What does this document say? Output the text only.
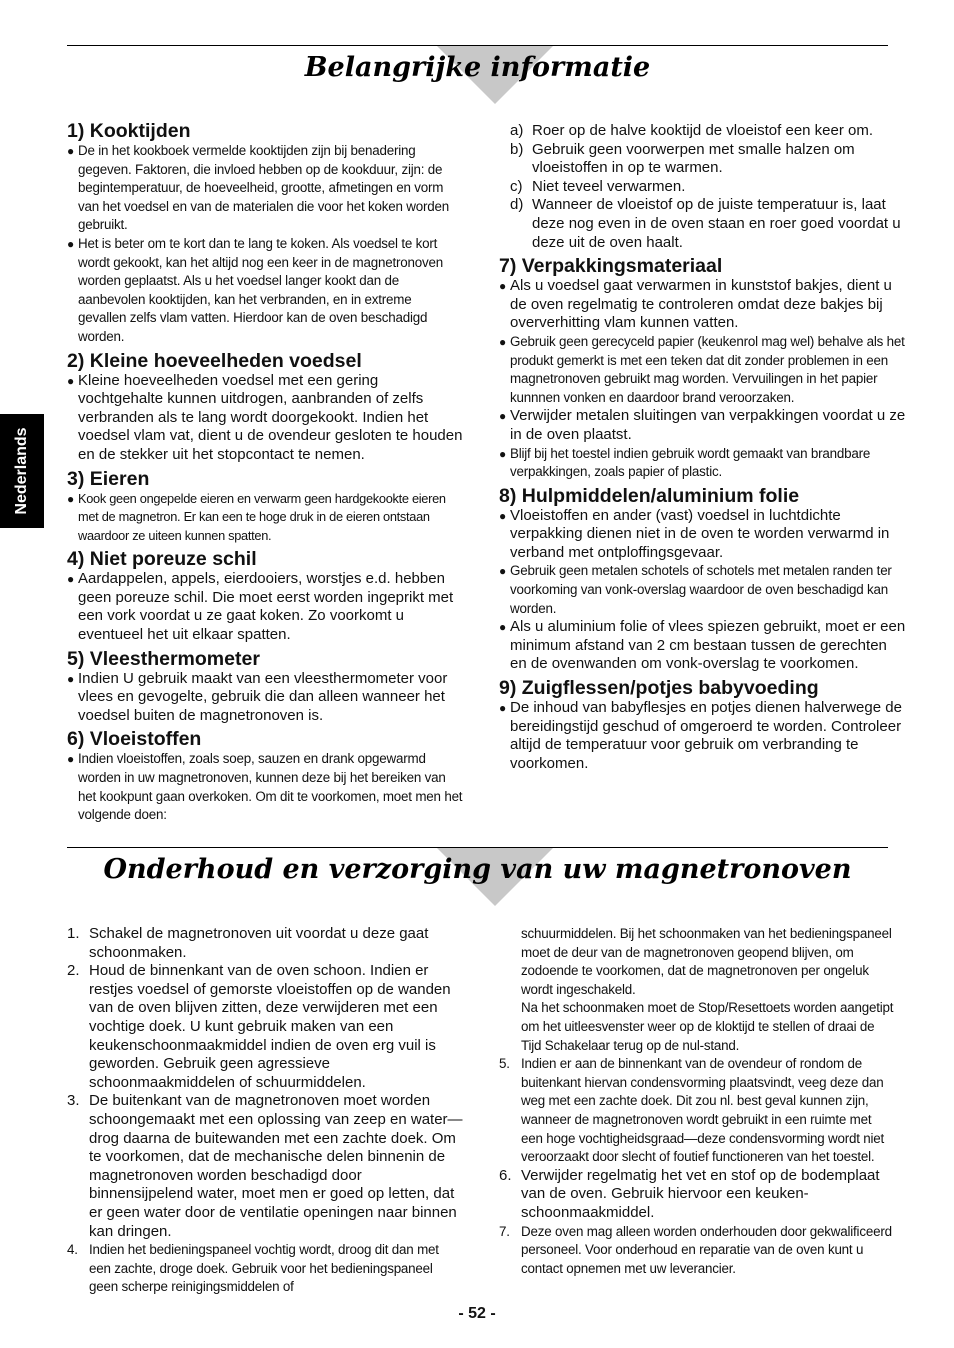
Belangrijke informatie
Nederlands

1) Kooktijden

● De in het kookboek vermelde kooktijden zijn bij benadering gegeven. Faktoren, die invloed hebben op de kookduur, zijn: de begintemperatuur, de hoeveelheid, grootte, afmetingen en vorm van het voedsel en van de materialen die voor het koken worden gebruikt.

● Het is beter om te kort dan te lang te koken. Als voedsel te kort wordt gekookt, kan het altijd nog een keer in de magnetronoven worden geplaatst. Als u het voedsel langer kookt dan de aanbevolen kooktijden, kan het verbranden, en in extreme gevallen zelfs vlam vatten. Hierdoor kan de oven beschadigd worden.

2) Kleine hoeveelheden voedsel

● Kleine hoeveelheden voedsel met een gering vochtgehalte kunnen uitdrogen, aanbranden of zelfs verbranden als te lang wordt doorgekookt. Indien het voedsel vlam vat, dient u de ovendeur gesloten te houden en de stekker uit het stopcontact te nemen.

3) Eieren

● Kook geen ongepelde eieren en verwarm geen hardgekookte eieren met de magnetron. Er kan een te hoge druk in de eieren ontstaan waardoor ze uiteen kunnen spatten.

4) Niet poreuze schil

● Aardappelen, appels, eierdooiers, worstjes e.d. hebben geen poreuze schil. Die moet eerst worden ingeprikt met een vork voordat u ze gaat koken. Zo voorkomt u eventueel het uit elkaar spatten.

5) Vleesthermometer

● Indien U gebruik maakt van een vleesthermometer voor vlees en gevogelte, gebruik die dan alleen wanneer het voedsel buiten de magnetronoven is.

6) Vloeistoffen

● Indien vloeistoffen, zoals soep, sauzen en drank opgewarmd worden in uw magnetronoven, kunnen deze bij het bereiken van het kookpunt gaan overkoken. Om dit te voorkomen, moet men het volgende doen:

a) Roer op de halve kooktijd de vloeistof een keer om.

b) Gebruik geen voorwerpen met smalle halzen om vloeistoffen in op te warmen.

c) Niet teveel verwarmen.

d) Wanneer de vloeistof op de juiste temperatuur is, laat deze nog even in de oven staan en roer goed voordat u deze uit de oven haalt.

7) Verpakkingsmateriaal

● Als u voedsel gaat verwarmen in kunststof bakjes, dient u de oven regelmatig te controleren omdat deze bakjes bij oververhitting vlam kunnen vatten.

● Gebruik geen gerecyceld papier (keukenrol mag wel) behalve als het produkt gemerkt is met een teken dat dit zonder problemen in een magnetronoven gebruikt mag worden. Vervuilingen in het papier kunnnen vonken en daardoor brand veroorzaken.

● Verwijder metalen sluitingen van verpakkingen voordat u ze in de oven plaatst.

● Blijf bij het toestel indien gebruik wordt gemaakt van brandbare verpakkingen, zoals papier of plastic.

8) Hulpmiddelen/aluminium folie

● Vloeistoffen en ander (vast) voedsel in luchtdichte verpakking dienen niet in de oven te worden verwarmd in verband met ontploffingsgevaar.

● Gebruik geen metalen schotels of schotels met metalen randen ter voorkoming van vonk-overslag waardoor de oven beschadigd kan worden.

● Als u aluminium folie of vlees spiezen gebruikt, moet er een minimum afstand van 2 cm bestaan tussen de gerechten en de ovenwanden om vonk-overslag te voorkomen.

9) Zuigflessen/potjes babyvoeding

● De inhoud van babyflesjes en potjes dienen halverwege de bereidingstijd geschud of omgeroerd te worden. Controleer altijd de temperatuur voor gebruik om verbranding te voorkomen.

Onderhoud en verzorging van uw magnetronoven

1. Schakel de magnetronoven uit voordat u deze gaat schoonmaken.

2. Houd de binnenkant van de oven schoon. Indien er restjes voedsel of gemorste vloeistoffen op de wanden van de oven blijven zitten, deze verwijderen met een vochtige doek. U kunt gebruik maken van een keukenschoonmaakmiddel indien de oven erg vuil is geworden. Gebruik geen agressieve schoonmaakmiddelen of schuurmiddelen.

3. De buitenkant van de magnetronoven moet worden schoongemaakt met een oplossing van zeep en water—drog daarna de buitewanden met een zachte doek. Om te voorkomen, dat de mechanische delen binnenin de magnetronoven worden beschadigd door binnensijpelend water, moet men er goed op letten, dat er geen water door de ventilatie openingen naar binnen kan dringen.

4. Indien het bedieningspaneel vochtig wordt, droog dit dan met een zachte, droge doek. Gebruik voor het bedieningspaneel geen scherpe reinigingsmiddelen of

schuurmiddelen. Bij het schoonmaken van het bedieningspaneel moet de deur van de magnetronoven geopend blijven, om zodoende te voorkomen, dat de magnetronoven per ongeluk wordt ingeschakeld.

Na het schoonmaken moet de Stop/Resettoets worden aangetipt om het uitleesvenster weer op de kloktijd te stellen of draai de Tijd Schakelaar terug op de nul-stand.

5. Indien er aan de binnenkant van de ovendeur of rondom de buitenkant hiervan condensvorming plaatsvindt, veeg deze dan weg met een zachte doek. Dit zou nl. best geval kunnen zijn, wanneer de magnetronoven wordt gebruikt in een ruimte met een hoge vochtigheidsgraad—deze condensvorming wordt niet veroorzaakt door slecht of foutief functioneren van het toestel.

6. Verwijder regelmatig het vet en stof op de bodemplaat van de oven. Gebruik hiervoor een keuken-schoonmaakmiddel.

7. Deze oven mag alleen worden onderhouden door gekwalificeerd personeel. Voor onderhoud en reparatie van de oven kunt u contact opnemen met uw leverancier.

- 52 -
